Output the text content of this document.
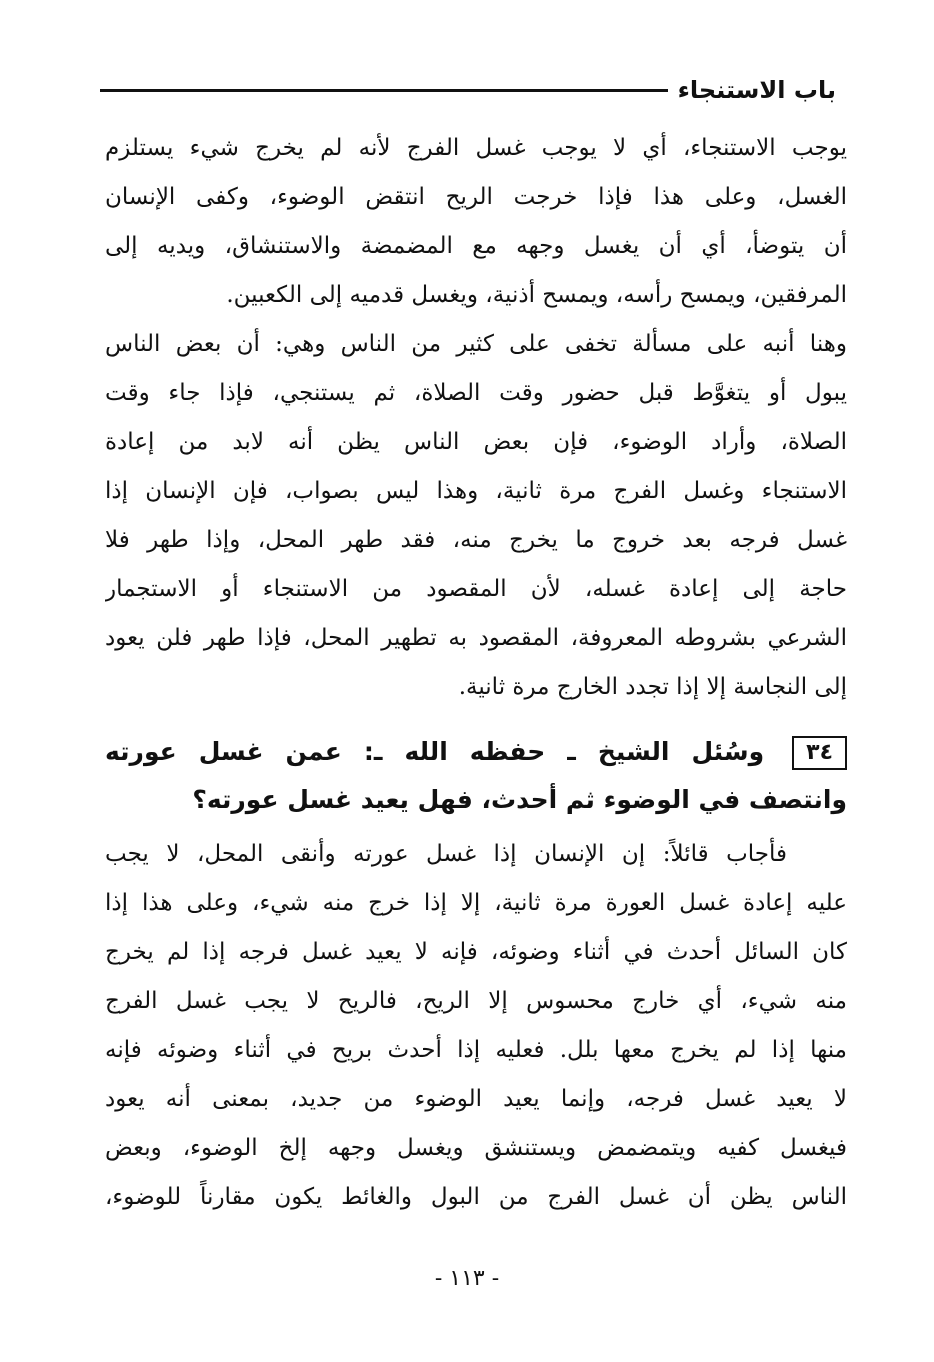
باب الاستنجاء
يوجب الاستنجاء، أي لا يوجب غسل الفرج لأنه لم يخرج شيء يستلزم
الغسل، وعلى هذا فإذا خرجت الريح انتقض الوضوء، وكفى الإنسان
أن يتوضأ، أي أن يغسل وجهه مع المضمضة والاستنشاق، ويديه إلى
المرفقين، ويمسح رأسه، ويمسح أذنية، ويغسل قدميه إلى الكعبين.
وهنا أنبه على مسألة تخفى على كثير من الناس وهي: أن بعض الناس
يبول أو يتغوَّط قبل حضور وقت الصلاة، ثم يستنجي، فإذا جاء وقت
الصلاة، وأراد الوضوء، فإن بعض الناس يظن أنه لابد من إعادة
الاستنجاء وغسل الفرج مرة ثانية، وهذا ليس بصواب، فإن الإنسان إذا
غسل فرجه بعد خروج ما يخرج منه، فقد طهر المحل، وإذا طهر فلا
حاجة إلى إعادة غسله، لأن المقصود من الاستنجاء أو الاستجمار
الشرعي بشروطه المعروفة، المقصود به تطهير المحل، فإذا طهر فلن يعود
إلى النجاسة إلا إذا تجدد الخارج مرة ثانية.
٣٤وسُئل الشيخ ـ حفظه الله ـ: عمن غسل عورته
وانتصف في الوضوء ثم أحدث، فهل يعيد غسل عورته؟
فأجاب قائلاً: إن الإنسان إذا غسل عورته وأنقى المحل، لا يجب
عليه إعادة غسل العورة مرة ثانية، إلا إذا خرج منه شيء، وعلى هذا إذا
كان السائل أحدث في أثناء وضوئه، فإنه لا يعيد غسل فرجه إذا لم يخرج
منه شيء، أي خارج محسوس إلا الريح، فالريح لا يجب غسل الفرج
منها إذا لم يخرج معها بلل. فعليه إذا أحدث بريح في أثناء وضوئه فإنه
لا يعيد غسل فرجه، وإنما يعيد الوضوء من جديد، بمعنى أنه يعود
فيغسل كفيه ويتمضمض ويستنشق ويغسل وجهه إلخ الوضوء، وبعض
الناس يظن أن غسل الفرج من البول والغائط يكون مقارناً للوضوء،
- ١١٣ -
